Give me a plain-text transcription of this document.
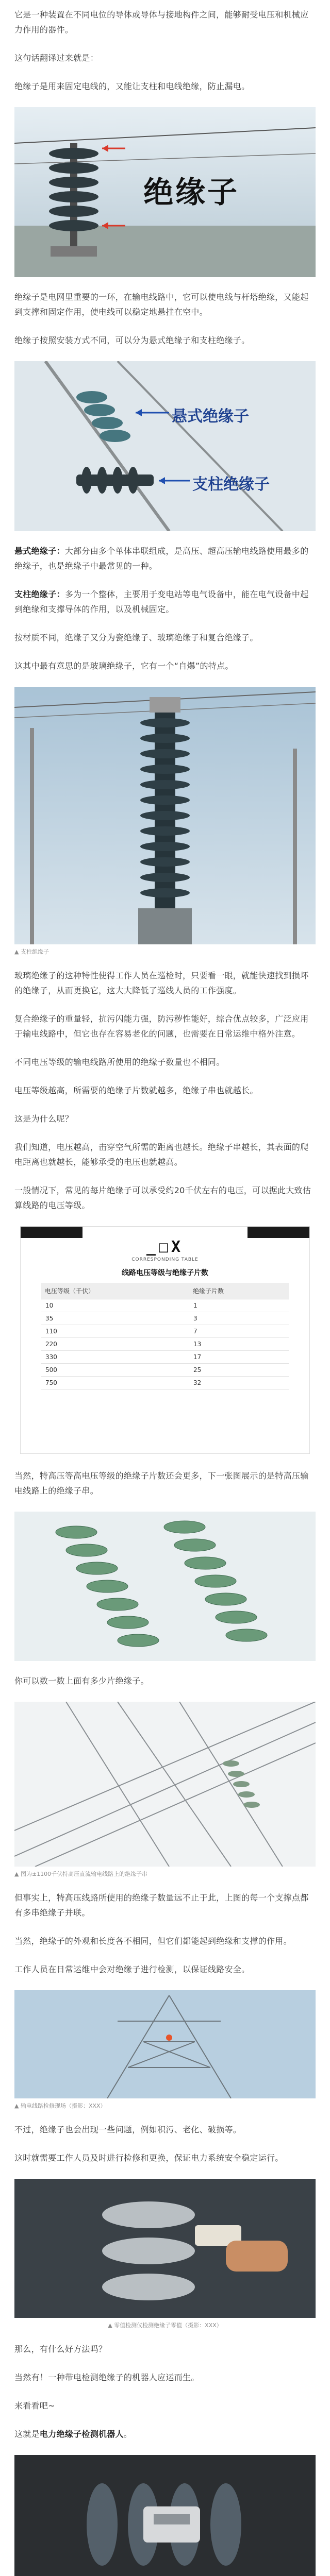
它是一种装置在不同电位的导体或导体与接地构件之间，能够耐受电压和机械应力作用的器件。

这句话翻译过来就是：

绝缘子是用来固定电线的，又能让支柱和电线绝缘，防止漏电。

绝缘子

绝缘子是电网里重要的一环，在输电线路中，它可以使电线与杆塔绝缘，又能起到支撑和固定作用，使电线可以稳定地悬挂在空中。

绝缘子按照安装方式不同，可以分为悬式绝缘子和支柱绝缘子。

悬式绝缘子
支柱绝缘子

悬式绝缘子：大部分由多个单体串联组成，是高压、超高压输电线路使用最多的绝缘子，也是绝缘子中最常见的一种。

支柱绝缘子：多为一个整体，主要用于变电站等电气设备中，能在电气设备中起到绝缘和支撑导体的作用，以及机械固定。

按材质不同，绝缘子又分为瓷绝缘子、玻璃绝缘子和复合绝缘子。

这其中最有意思的是玻璃绝缘子，它有一个“自爆”的特点。

▲ 支柱绝缘子

玻璃绝缘子的这种特性使得工作人员在巡检时，只要看一眼，就能快速找到损坏的绝缘子，从而更换它，这大大降低了巡线人员的工作强度。

复合绝缘子的重量轻，抗污闪能力强，防污秽性能好，综合优点较多，广泛应用于输电线路中，但它也存在容易老化的问题，也需要在日常运维中格外注意。

不同电压等级的输电线路所使用的绝缘子数量也不相同。

电压等级越高，所需要的绝缘子片数就越多，绝缘子串也就越长。

这是为什么呢？

我们知道，电压越高，击穿空气所需的距离也越长。绝缘子串越长，其表面的爬电距离也就越长，能够承受的电压也就越高。

一般情况下，常见的每片绝缘子可以承受约20千伏左右的电压，可以据此大致估算线路的电压等级。

_□X
CORRESPONDING TABLE
线路电压等级与绝缘子片数
电压等级（千伏）	绝缘子片数
10	1
35	3
110	7
220	13
330	17
500	25
750	32

当然，特高压等高电压等级的绝缘子片数还会更多，下一张图展示的是特高压输电线路上的绝缘子串。

你可以数一数上面有多少片绝缘子。

▲ 图为±1100千伏特高压直流输电线路上的绝缘子串

但事实上，特高压线路所使用的绝缘子数量远不止于此，上图的每一个支撑点都有多串绝缘子并联。

当然，绝缘子的外观和长度各不相同，但它们都能起到绝缘和支撑的作用。

工作人员在日常运维中会对绝缘子进行检测，以保证线路安全。

▲ 输电线路检修现场（摄影：XXX）

不过，绝缘子也会出现一些问题，例如积污、老化、破损等。

这时就需要工作人员及时进行检修和更换，保证电力系统安全稳定运行。

▲ 零值检测仪检测绝缘子零值（摄影：XXX）

那么，有什么好方法吗？

当然有！一种带电检测绝缘子的机器人应运而生。

来看看吧~

这就是电力绝缘子检测机器人。
